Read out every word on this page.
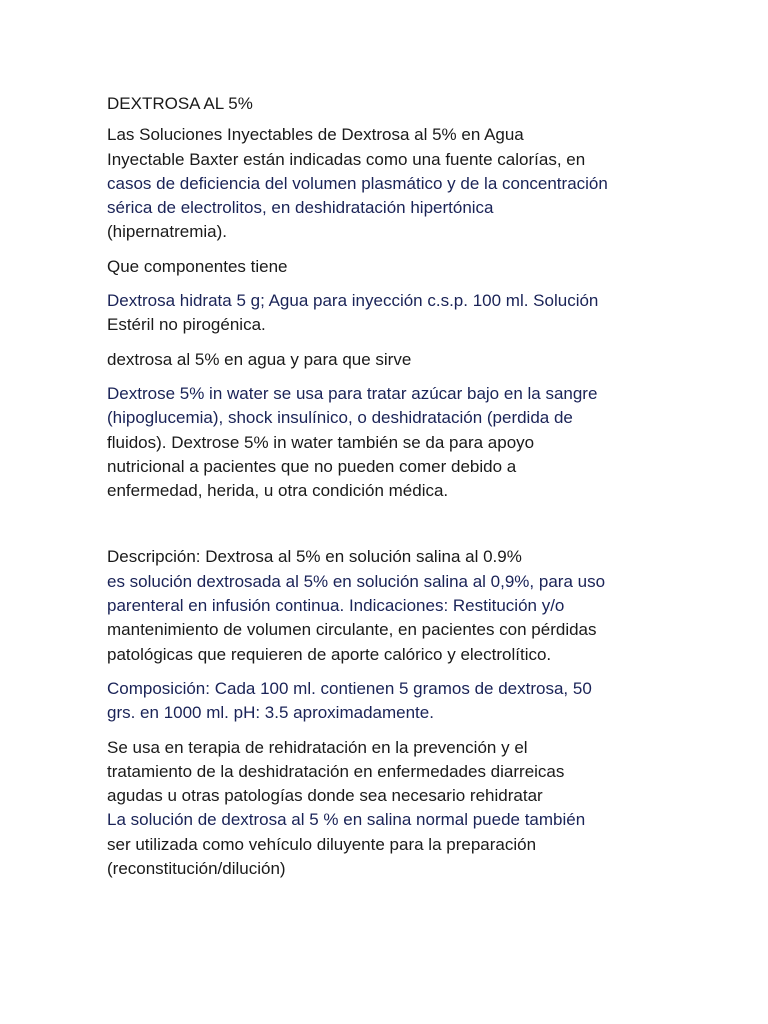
DEXTROSA AL 5%
Las Soluciones Inyectables de Dextrosa al 5% en Agua
Inyectable Baxter están indicadas como una fuente calorías, en
casos de deficiencia del volumen plasmático y de la concentración
sérica de electrolitos, en deshidratación hipertónica
(hipernatremia).
Que componentes tiene
Dextrosa hidrata 5 g; Agua para inyección c.s.p. 100 ml. Solución
Estéril no pirogénica.
dextrosa al 5% en agua y para que sirve
Dextrose 5% in water se usa para tratar azúcar bajo en la sangre
(hipoglucemia), shock insulínico, o deshidratación (perdida de
fluidos). Dextrose 5% in water también se da para apoyo
nutricional a pacientes que no pueden comer debido a
enfermedad, herida, u otra condición médica.
Descripción: Dextrosa al 5% en solución salina al 0.9%
es solución dextrosada al 5% en solución salina al 0,9%, para uso
parenteral en infusión continua. Indicaciones: Restitución y/o
mantenimiento de volumen circulante, en pacientes con pérdidas
patológicas que requieren de aporte calórico y electrolítico.
Composición: Cada 100 ml. contienen 5 gramos de dextrosa, 50
grs. en 1000 ml. pH: 3.5 aproximadamente.
Se usa en terapia de rehidratación en la prevención y el
tratamiento de la deshidratación en enfermedades diarreicas
agudas u otras patologías donde sea necesario rehidratar
La solución de dextrosa al 5 % en salina normal puede también
ser utilizada como vehículo diluyente para la preparación
(reconstitución/dilución)
